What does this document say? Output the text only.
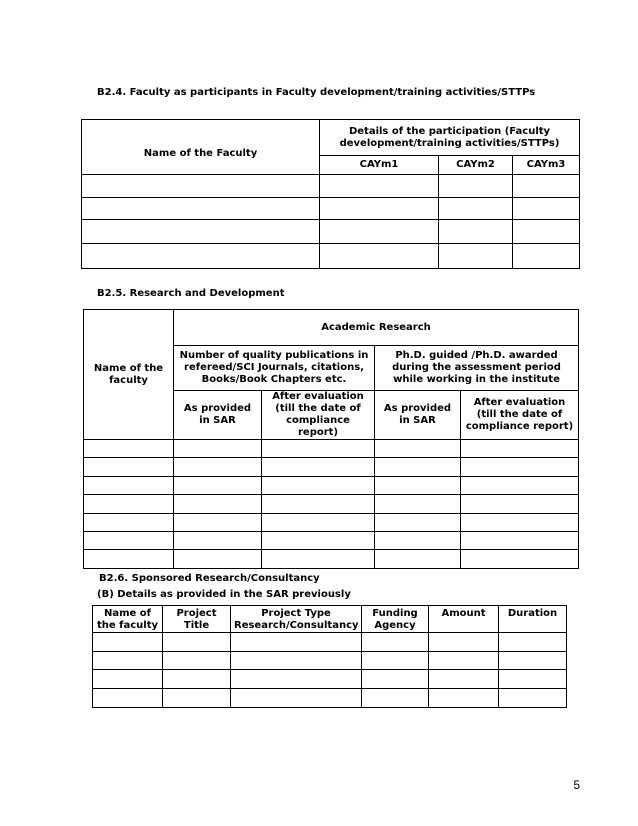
B2.4. Faculty as participants in Faculty development/training activities/STTPs
Name of the Faculty	Details of the participation (Faculty development/training activities/STTPs)		
	CAYm1	CAYm2	CAYm3

B2.5. Research and Development
Name of the faculty	Academic Research			
	Number of quality publications in refereed/SCI Journals, citations, Books/Book Chapters etc.		Ph.D. guided /Ph.D. awarded during the assessment period while working in the institute	
	As provided in SAR	After evaluation (till the date of compliance report)	As provided in SAR	After evaluation (till the date of compliance report)

B2.6. Sponsored Research/Consultancy
(B) Details as provided in the SAR previously
Name of the faculty	Project Title	Project Type Research/Consultancy	Funding Agency	Amount	Duration

5
